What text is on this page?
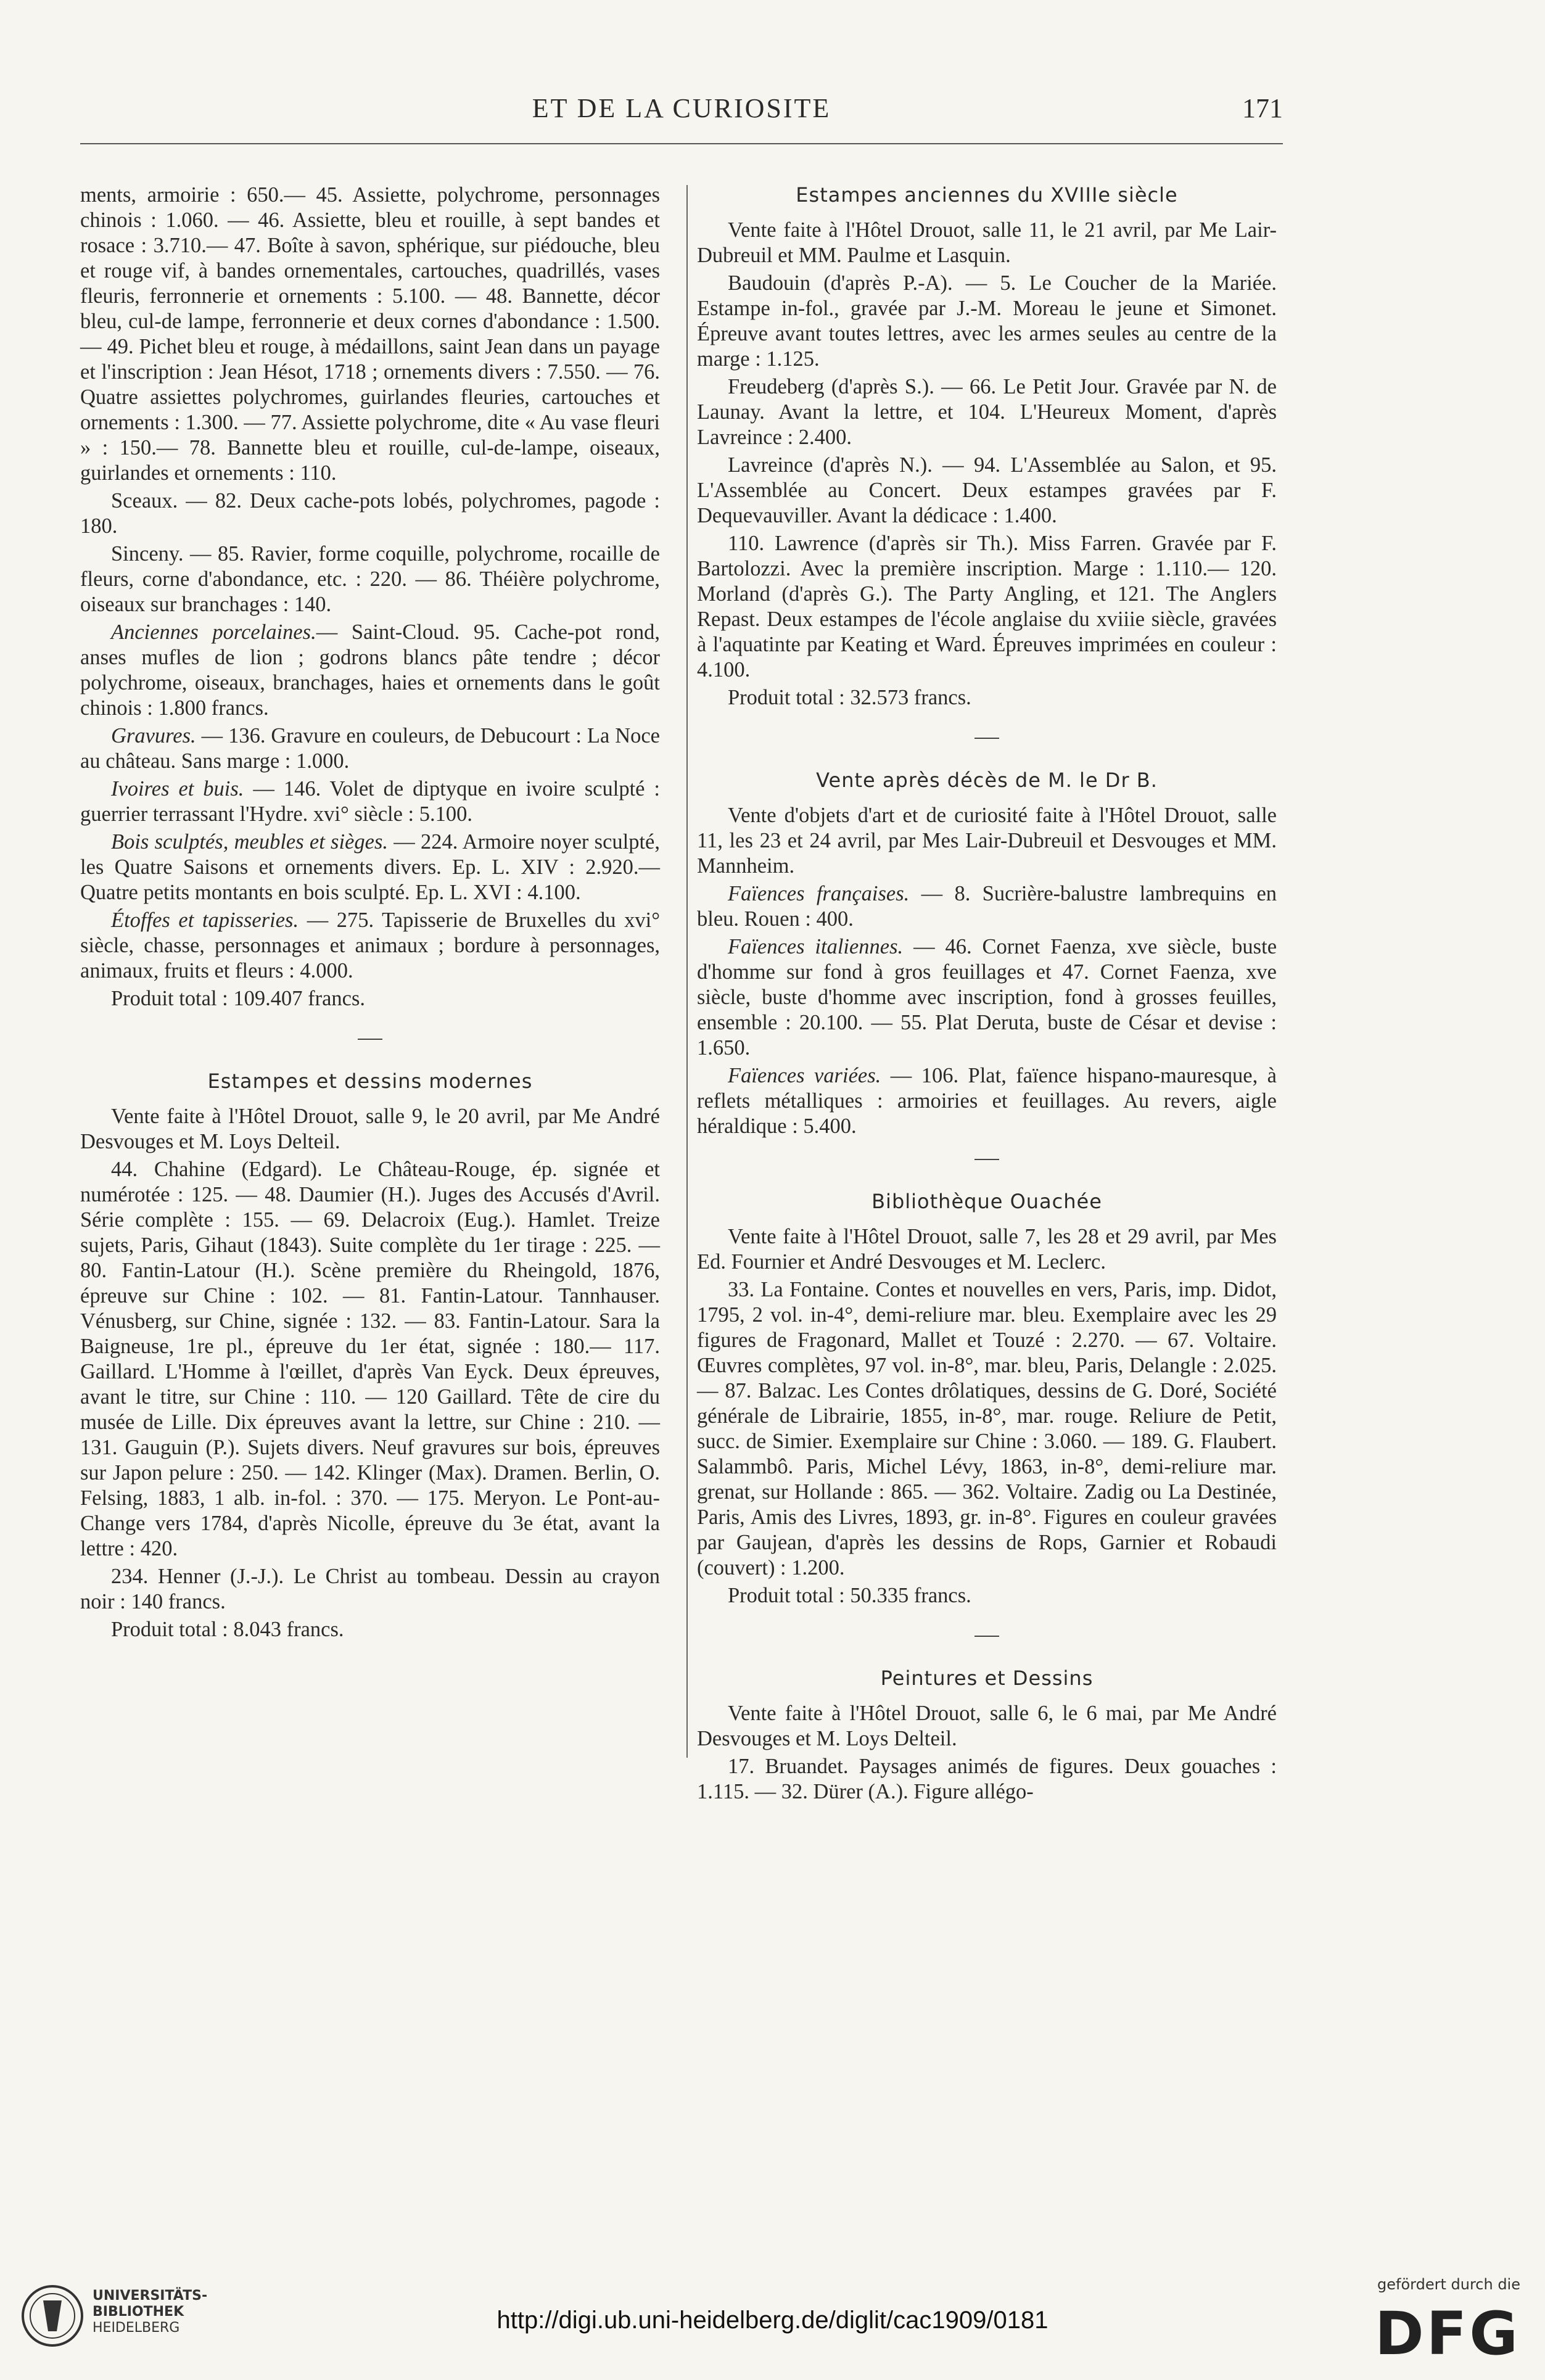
ET DE LA CURIOSITE	171

ments, armoirie : 650.— 45. Assiette, polychrome, personnages chinois : 1.060. — 46. Assiette, bleu et rouille, à sept bandes et rosace : 3.710.— 47. Boîte à savon, sphérique, sur piédouche, bleu et rouge vif, à bandes ornementales, cartouches, quadrillés, vases fleuris, ferronnerie et ornements : 5.100. — 48. Bannette, décor bleu, cul-de lampe, ferronnerie et deux cornes d'abondance : 1.500. — 49. Pichet bleu et rouge, à médaillons, saint Jean dans un payage et l'inscription : Jean Hésot, 1718 ; ornements divers : 7.550. — 76. Quatre assiettes polychromes, guirlandes fleuries, cartouches et ornements : 1.300. — 77. Assiette polychrome, dite « Au vase fleuri » : 150.— 78. Bannette bleu et rouille, cul-de-lampe, oiseaux, guirlandes et ornements : 110.

Sceaux. — 82. Deux cache-pots lobés, polychromes, pagode : 180.

Sinceny. — 85. Ravier, forme coquille, polychrome, rocaille de fleurs, corne d'abondance, etc. : 220. — 86. Théière polychrome, oiseaux sur branchages : 140.

Anciennes porcelaines.— Saint-Cloud. 95. Cache-pot rond, anses mufles de lion ; godrons blancs pâte tendre ; décor polychrome, oiseaux, branchages, haies et ornements dans le goût chinois : 1.800 francs.

Gravures. — 136. Gravure en couleurs, de Debucourt : La Noce au château. Sans marge : 1.000.

Ivoires et buis. — 146. Volet de diptyque en ivoire sculpté : guerrier terrassant l'Hydre. xvi° siècle : 5.100.

Bois sculptés, meubles et sièges. — 224. Armoire noyer sculpté, les Quatre Saisons et ornements divers. Ep. L. XIV : 2.920.— Quatre petits montants en bois sculpté. Ep. L. XVI : 4.100.

Étoffes et tapisseries. — 275. Tapisserie de Bruxelles du xvi° siècle, chasse, personnages et animaux ; bordure à personnages, animaux, fruits et fleurs : 4.000.

Produit total : 109.407 francs.

Estampes et dessins modernes

Vente faite à l'Hôtel Drouot, salle 9, le 20 avril, par Me André Desvouges et M. Loys Delteil.

44. Chahine (Edgard). Le Château-Rouge, ép. signée et numérotée : 125. — 48. Daumier (H.). Juges des Accusés d'Avril. Série complète : 155. — 69. Delacroix (Eug.). Hamlet. Treize sujets, Paris, Gihaut (1843). Suite complète du 1er tirage : 225. — 80. Fantin-Latour (H.). Scène première du Rheingold, 1876, épreuve sur Chine : 102. — 81. Fantin-Latour. Tannhauser. Vénusberg, sur Chine, signée : 132. — 83. Fantin-Latour. Sara la Baigneuse, 1re pl., épreuve du 1er état, signée : 180.— 117. Gaillard. L'Homme à l'œillet, d'après Van Eyck. Deux épreuves, avant le titre, sur Chine : 110. — 120 Gaillard. Tête de cire du musée de Lille. Dix épreuves avant la lettre, sur Chine : 210. — 131. Gauguin (P.). Sujets divers. Neuf gravures sur bois, épreuves sur Japon pelure : 250. — 142. Klinger (Max). Dramen. Berlin, O. Felsing, 1883, 1 alb. in-fol. : 370. — 175. Meryon. Le Pont-au-Change vers 1784, d'après Nicolle, épreuve du 3e état, avant la lettre : 420.

234. Henner (J.-J.). Le Christ au tombeau. Dessin au crayon noir : 140 francs.

Produit total : 8.043 francs.

Estampes anciennes du XVIIIe siècle

Vente faite à l'Hôtel Drouot, salle 11, le 21 avril, par Me Lair-Dubreuil et MM. Paulme et Lasquin.

Baudouin (d'après P.-A). — 5. Le Coucher de la Mariée. Estampe in-fol., gravée par J.-M. Moreau le jeune et Simonet. Épreuve avant toutes lettres, avec les armes seules au centre de la marge : 1.125.

Freudeberg (d'après S.). — 66. Le Petit Jour. Gravée par N. de Launay. Avant la lettre, et 104. L'Heureux Moment, d'après Lavreince : 2.400.

Lavreince (d'après N.). — 94. L'Assemblée au Salon, et 95. L'Assemblée au Concert. Deux estampes gravées par F. Dequevauviller. Avant la dédicace : 1.400.

110. Lawrence (d'après sir Th.). Miss Farren. Gravée par F. Bartolozzi. Avec la première inscription. Marge : 1.110.— 120. Morland (d'après G.). The Party Angling, et 121. The Anglers Repast. Deux estampes de l'école anglaise du xviiie siècle, gravées à l'aquatinte par Keating et Ward. Épreuves imprimées en couleur : 4.100.

Produit total : 32.573 francs.

Vente après décès de M. le Dr B.

Vente d'objets d'art et de curiosité faite à l'Hôtel Drouot, salle 11, les 23 et 24 avril, par Mes Lair-Dubreuil et Desvouges et MM. Mannheim.

Faïences françaises. — 8. Sucrière-balustre lambrequins en bleu. Rouen : 400.

Faïences italiennes. — 46. Cornet Faenza, xve siècle, buste d'homme sur fond à gros feuillages et 47. Cornet Faenza, xve siècle, buste d'homme avec inscription, fond à grosses feuilles, ensemble : 20.100. — 55. Plat Deruta, buste de César et devise : 1.650.

Faïences variées. — 106. Plat, faïence hispano-mauresque, à reflets métalliques : armoiries et feuillages. Au revers, aigle héraldique : 5.400.

Bibliothèque Ouachée

Vente faite à l'Hôtel Drouot, salle 7, les 28 et 29 avril, par Mes Ed. Fournier et André Desvouges et M. Leclerc.

33. La Fontaine. Contes et nouvelles en vers, Paris, imp. Didot, 1795, 2 vol. in-4°, demi-reliure mar. bleu. Exemplaire avec les 29 figures de Fragonard, Mallet et Touzé : 2.270. — 67. Voltaire. Œuvres complètes, 97 vol. in-8°, mar. bleu, Paris, Delangle : 2.025. — 87. Balzac. Les Contes drôlatiques, dessins de G. Doré, Société générale de Librairie, 1855, in-8°, mar. rouge. Reliure de Petit, succ. de Simier. Exemplaire sur Chine : 3.060. — 189. G. Flaubert. Salammbô. Paris, Michel Lévy, 1863, in-8°, demi-reliure mar. grenat, sur Hollande : 865. — 362. Voltaire. Zadig ou La Destinée, Paris, Amis des Livres, 1893, gr. in-8°. Figures en couleur gravées par Gaujean, d'après les dessins de Rops, Garnier et Robaudi (couvert) : 1.200.

Produit total : 50.335 francs.

Peintures et Dessins

Vente faite à l'Hôtel Drouot, salle 6, le 6 mai, par Me André Desvouges et M. Loys Delteil.

17. Bruandet. Paysages animés de figures. Deux gouaches : 1.115. — 32. Dürer (A.). Figure allégo-

UNIVERSITÄTS-
BIBLIOTHEK
HEIDELBERG	http://digi.ub.uni-heidelberg.de/diglit/cac1909/0181
gefördert durch die
DFG
